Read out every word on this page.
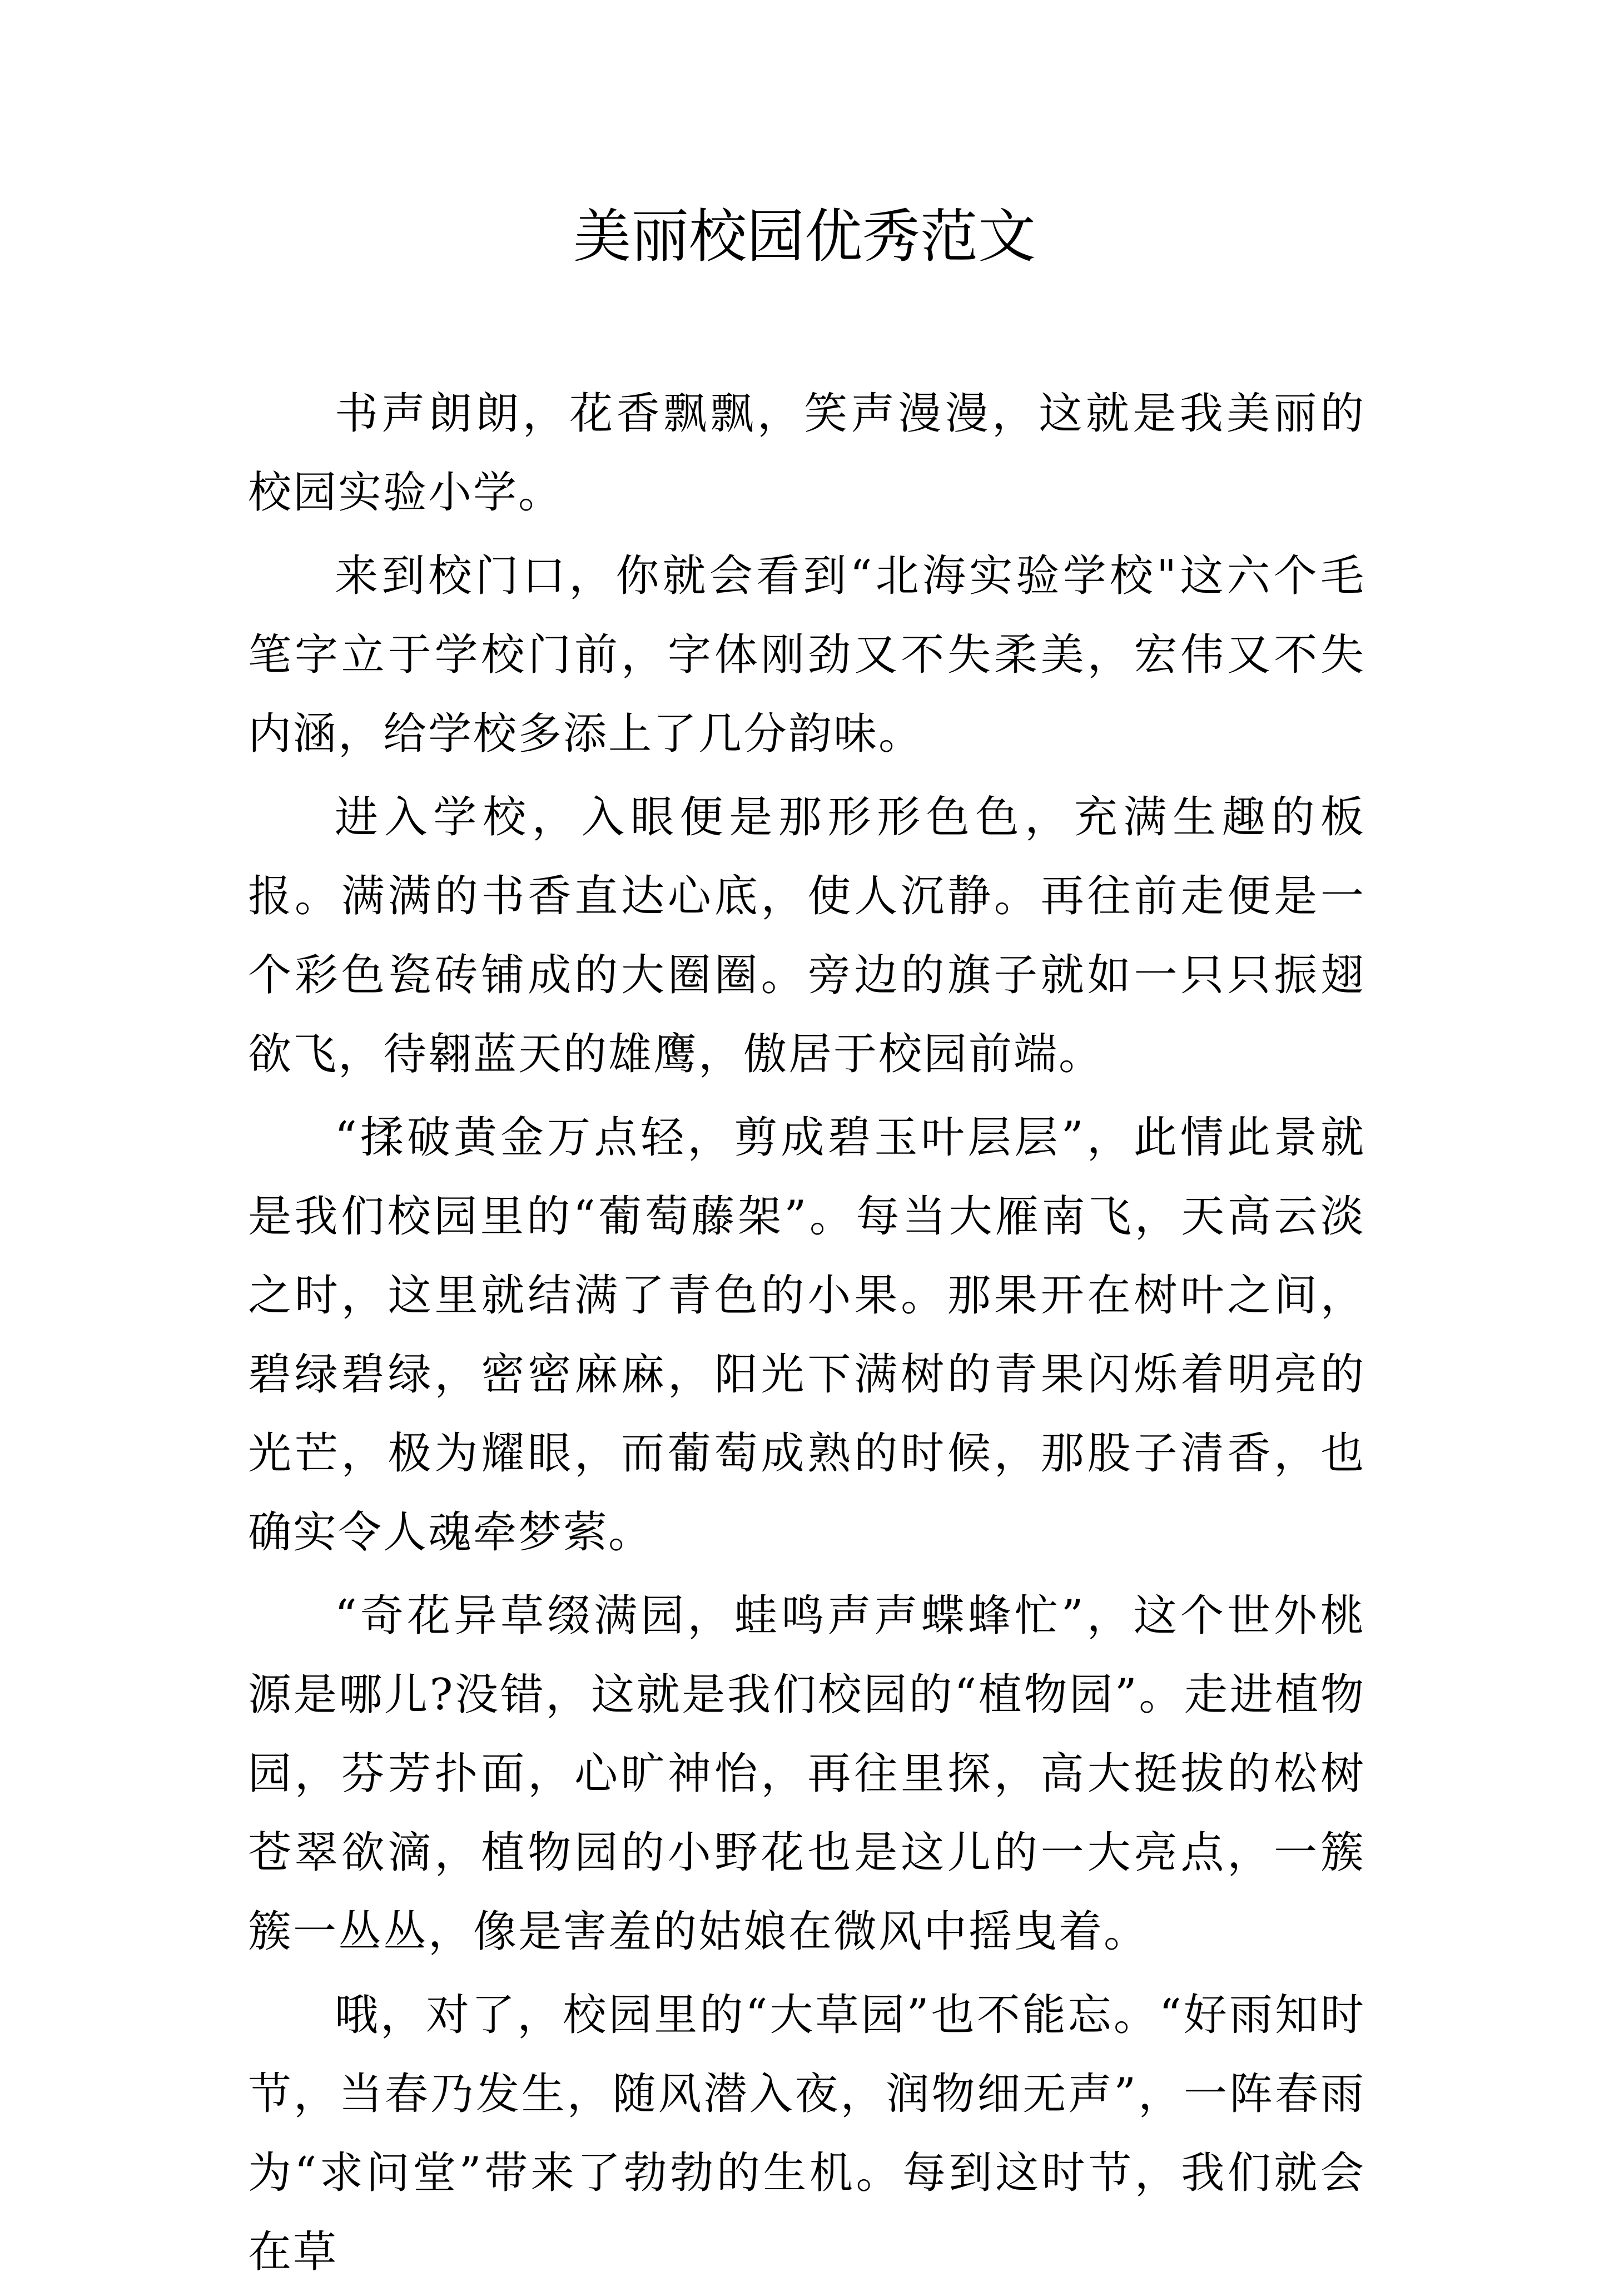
美丽校园优秀范文

书声朗朗，花香飘飘，笑声漫漫，这就是我美丽的校园实验小学。

来到校门口，你就会看到“北海实验学校"这六个毛笔字立于学校门前，字体刚劲又不失柔美，宏伟又不失内涵，给学校多添上了几分韵味。

进入学校，入眼便是那形形色色，充满生趣的板报。满满的书香直达心底，使人沉静。再往前走便是一个彩色瓷砖铺成的大圈圈。旁边的旗子就如一只只振翅欲飞，待翱蓝天的雄鹰，傲居于校园前端。

“揉破黄金万点轻，剪成碧玉叶层层”，此情此景就是我们校园里的“葡萄藤架”。每当大雁南飞，天高云淡之时，这里就结满了青色的小果。那果开在树叶之间，碧绿碧绿，密密麻麻，阳光下满树的青果闪烁着明亮的光芒，极为耀眼，而葡萄成熟的时候，那股子清香，也确实令人魂牵梦萦。

“奇花异草缀满园，蛙鸣声声蝶蜂忙”，这个世外桃源是哪儿?没错，这就是我们校园的“植物园”。走进植物园，芬芳扑面，心旷神怡，再往里探，高大挺拔的松树苍翠欲滴，植物园的小野花也是这儿的一大亮点，一簇簇一丛丛，像是害羞的姑娘在微风中摇曳着。

哦，对了，校园里的“大草园”也不能忘。“好雨知时节，当春乃发生，随风潜入夜，润物细无声”，一阵春雨为“求问堂”带来了勃勃的生机。每到这时节，我们就会在草
